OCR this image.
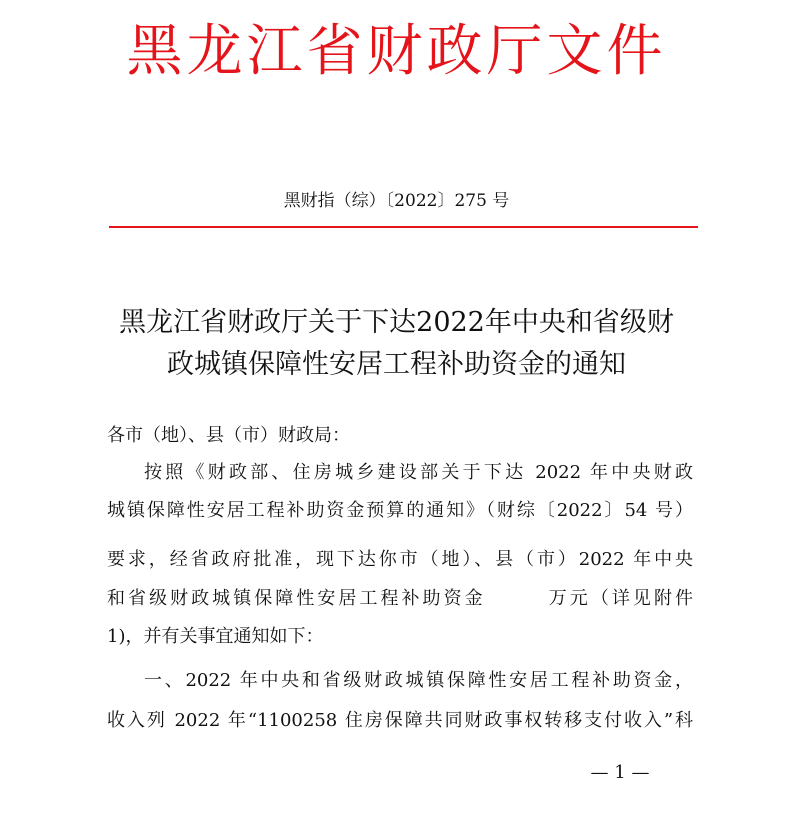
黑龙江省财政厅文件
黑财指（综）〔2022〕275 号
黑龙江省财政厅关于下达2022年中央和省级财
政城镇保障性安居工程补助资金的通知
各市（地）、县（市）财政局：
按照《财政部、住房城乡建设部关于下达 2022 年中央财政
城镇保障性安居工程补助资金预算的通知》（财综〔2022〕54 号）
要求，经省政府批准，现下达你市（地）、县（市）2022 年中央
和省级财政城镇保障性安居工程补助资金　　　万元（详见附件
1)，并有关事宜通知如下：
一、2022 年中央和省级财政城镇保障性安居工程补助资金，
收入列 2022 年“1100258 住房保障共同财政事权转移支付收入”科
— 1 —
